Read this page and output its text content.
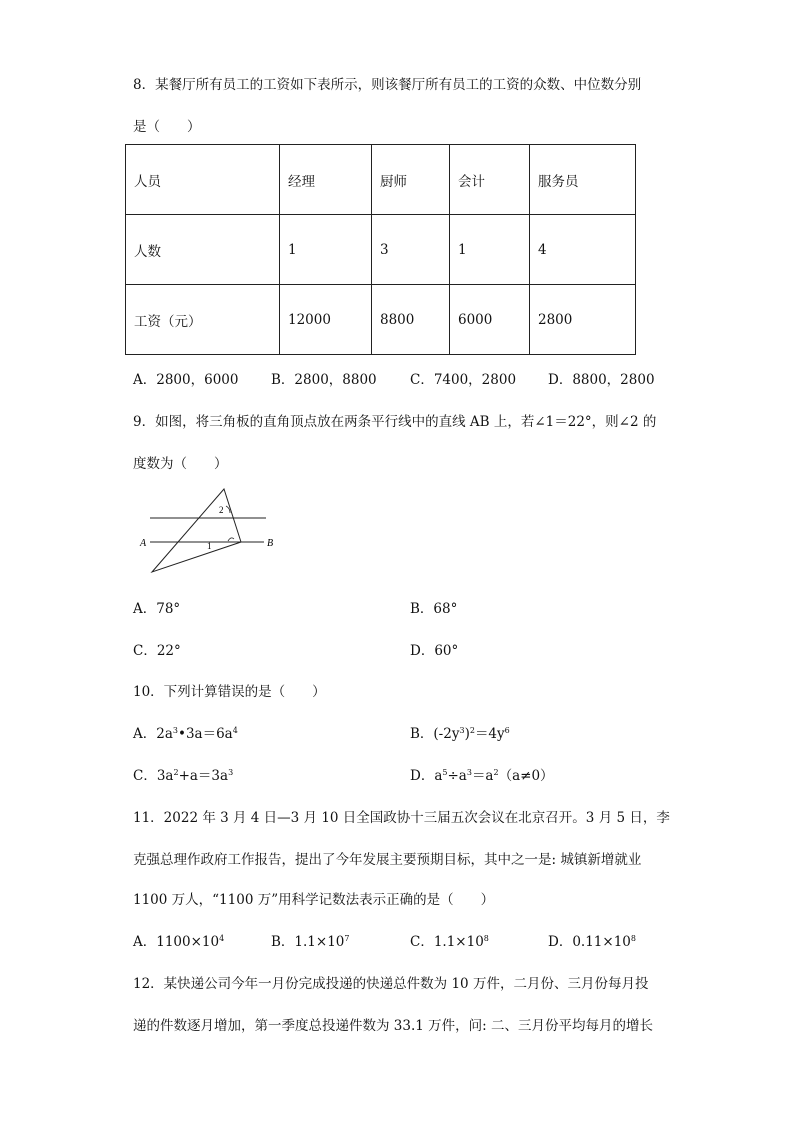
8．某餐厅所有员工的工资如下表所示，则该餐厅所有员工的工资的众数、中位数分别
是（　　）
人员	经理	厨师	会计	服务员
人数	1	3	1	4
工资（元）	12000	8800	6000	2800
A．2800，6000 B．2800，8800 C．7400，2800 D．8800，2800
9．如图，将三角板的直角顶点放在两条平行线中的直线 AB 上，若∠1＝22°，则∠2 的
度数为（　　）
A	B
1
2
A．78°	B．68°
C．22°	D．60°
10．下列计算错误的是（　　）
A．$2a^3•3a=6a^4$	B．$(-2y^3)^2=4y^6$
C．$3a^2+a=3a^3$	D．$a^5\div a^3=a^2(a\ne 0)$
11．2022 年 3 月 4 日—3 月 10 日全国政协十三届五次会议在北京召开。3 月 5 日，李
克强总理作政府工作报告，提出了今年发展主要预期目标，其中之一是: 城镇新增就业
1100 万人，“1100 万”用科学记数法表示正确的是（　　）
A．$1100\times 10^4$	B．$1.1\times 10^7$	C．$1.1\times 10^8$	D．$0.11\times 10^8$
12．某快递公司今年一月份完成投递的快递总件数为 10 万件，二月份、三月份每月投
递的件数逐月增加，第一季度总投递件数为 33.1 万件，问: 二、三月份平均每月的增长
